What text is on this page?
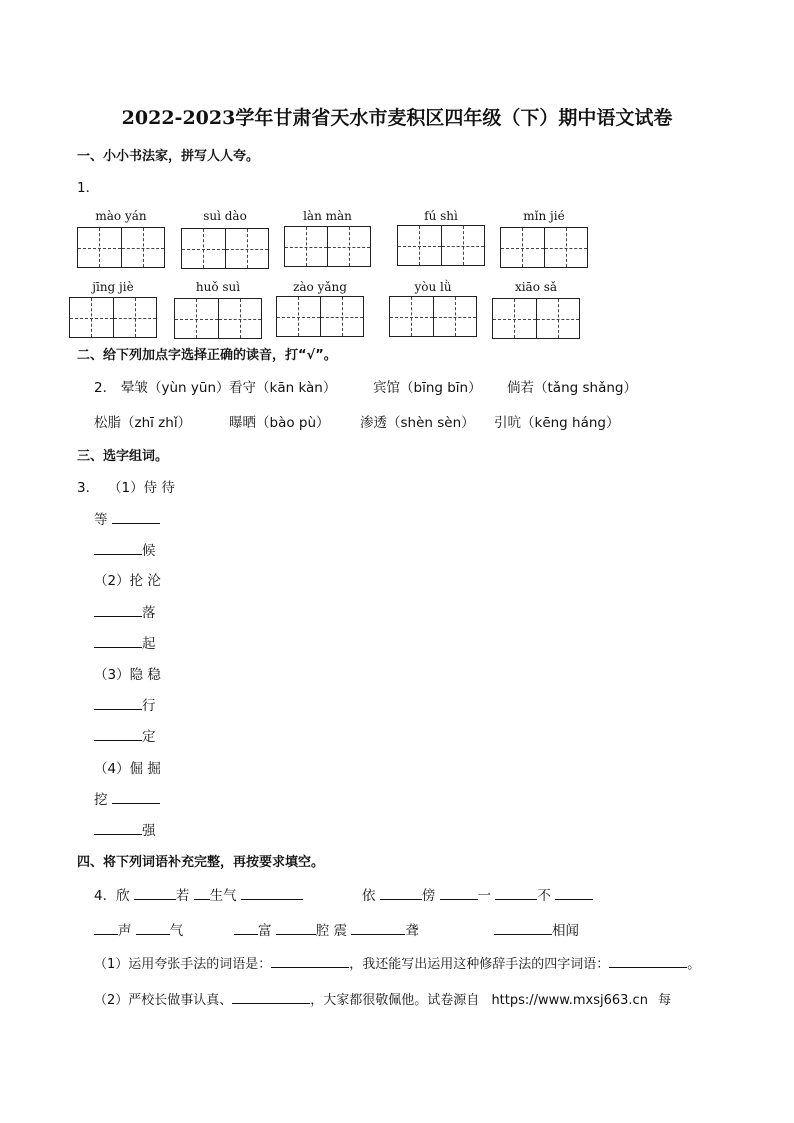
2022-2023学年甘肃省天水市麦积区四年级（下）期中语文试卷
一、小小书法家，拼写人人夸。
1．
mào yán	suì dào	làn màn	fú shì	mǐn jié
jīng jiè	huǒ suì	zào yǎng	yòu lǜ	xiāo sǎ
二、给下列加点字选择正确的读音，打“√”。
2． 晕皱（yùn yūn） 看守（kān kàn）	宾馆（bīng bīn） 倘若（tǎng shǎng）
松脂（zhī zhǐ）	曝晒（bào pù） 渗透（shèn sèn） 引吭（kēng háng）
三、选字组词。
3． （1）侍 待
等
候
（2）抡 沦
落
起
（3）隐 稳
行
定
（4）倔 掘
挖
强
四、将下列词语补充完整，再按要求填空。
4．欣	若 生气	依	傍	一	不
声	气	富	腔 震	聋	相闻
（1）运用夸张手法的词语是：	，我还能写出运用这种修辞手法的四字词语：	。
（2）严校长做事认真、	，大家都很敬佩他。试卷源自 https://www.mxsj663.cn 每
